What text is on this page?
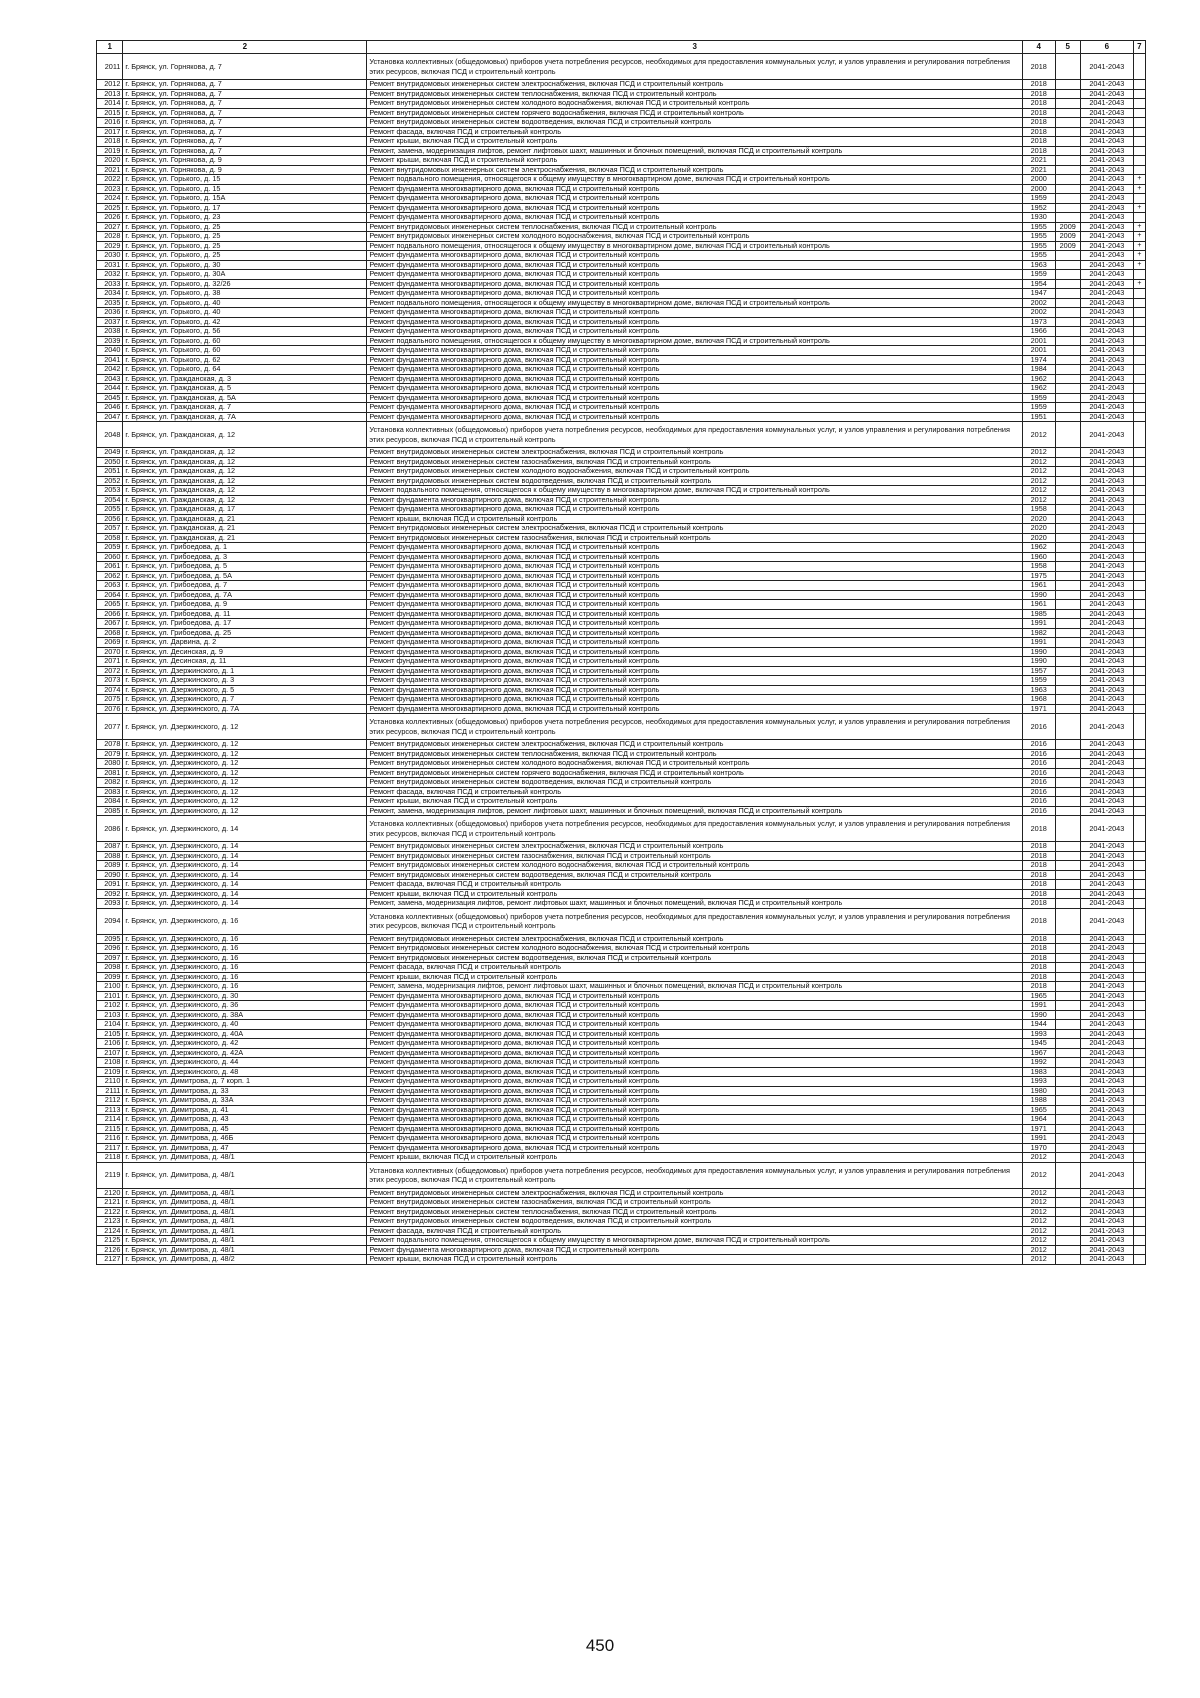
1	2	3	4	5	6	7
2011	г. Брянск, ул. Горнякова, д. 7	Установка коллективных (общедомовых) приборов учета потребления ресурсов, необходимых для предоставления коммунальных услуг, и узлов управления и регулирования потребления этих ресурсов, включая ПСД и строительный контроль	2018		2041-2043	
2012	г. Брянск, ул. Горнякова, д. 7	Ремонт внутридомовых инженерных систем электроснабжения, включая ПСД и строительный контроль	2018		2041-2043	
2013	г. Брянск, ул. Горнякова, д. 7	Ремонт внутридомовых инженерных систем теплоснабжения, включая ПСД и строительный контроль	2018		2041-2043	
2014	г. Брянск, ул. Горнякова, д. 7	Ремонт внутридомовых инженерных систем холодного водоснабжения, включая ПСД и строительный контроль	2018		2041-2043	
2015	г. Брянск, ул. Горнякова, д. 7	Ремонт внутридомовых инженерных систем горячего водоснабжения, включая ПСД и строительный контроль	2018		2041-2043	
2016	г. Брянск, ул. Горнякова, д. 7	Ремонт внутридомовых инженерных систем водоотведения, включая ПСД и строительный контроль	2018		2041-2043	
2017	г. Брянск, ул. Горнякова, д. 7	Ремонт фасада, включая ПСД и строительный контроль	2018		2041-2043	
2018	г. Брянск, ул. Горнякова, д. 7	Ремонт крыши, включая ПСД и строительный контроль	2018		2041-2043	
2019	г. Брянск, ул. Горнякова, д. 7	Ремонт, замена, модернизация лифтов, ремонт лифтовых шахт, машинных и блочных помещений, включая ПСД и строительный контроль	2018		2041-2043	
2020	г. Брянск, ул. Горнякова, д. 9	Ремонт крыши, включая ПСД и строительный контроль	2021		2041-2043	
2021	г. Брянск, ул. Горнякова, д. 9	Ремонт внутридомовых инженерных систем электроснабжения, включая ПСД и строительный контроль	2021		2041-2043	
2022	г. Брянск, ул. Горького, д. 15	Ремонт подвального помещения, относящегося к общему имуществу в многоквартирном доме, включая ПСД и строительный контроль	2000		2041-2043	+
2023	г. Брянск, ул. Горького, д. 15	Ремонт фундамента многоквартирного дома, включая ПСД и строительный контроль	2000		2041-2043	+
2024	г. Брянск, ул. Горького, д. 15А	Ремонт фундамента многоквартирного дома, включая ПСД и строительный контроль	1959		2041-2043	
2025	г. Брянск, ул. Горького, д. 17	Ремонт фундамента многоквартирного дома, включая ПСД и строительный контроль	1952		2041-2043	+
2026	г. Брянск, ул. Горького, д. 23	Ремонт фундамента многоквартирного дома, включая ПСД и строительный контроль	1930		2041-2043	
2027	г. Брянск, ул. Горького, д. 25	Ремонт внутридомовых инженерных систем теплоснабжения, включая ПСД и строительный контроль	1955	2009	2041-2043	+
2028	г. Брянск, ул. Горького, д. 25	Ремонт внутридомовых инженерных систем холодного водоснабжения, включая ПСД и строительный контроль	1955	2009	2041-2043	+
2029	г. Брянск, ул. Горького, д. 25	Ремонт подвального помещения, относящегося к общему имуществу в многоквартирном доме, включая ПСД и строительный контроль	1955	2009	2041-2043	+
2030	г. Брянск, ул. Горького, д. 25	Ремонт фундамента многоквартирного дома, включая ПСД и строительный контроль	1955		2041-2043	+
2031	г. Брянск, ул. Горького, д. 30	Ремонт фундамента многоквартирного дома, включая ПСД и строительный контроль	1963		2041-2043	+
2032	г. Брянск, ул. Горького, д. 30А	Ремонт фундамента многоквартирного дома, включая ПСД и строительный контроль	1959		2041-2043	
2033	г. Брянск, ул. Горького, д. 32/26	Ремонт фундамента многоквартирного дома, включая ПСД и строительный контроль	1954		2041-2043	+
2034	г. Брянск, ул. Горького, д. 38	Ремонт фундамента многоквартирного дома, включая ПСД и строительный контроль	1947		2041-2043	
2035	г. Брянск, ул. Горького, д. 40	Ремонт подвального помещения, относящегося к общему имуществу в многоквартирном доме, включая ПСД и строительный контроль	2002		2041-2043	
2036	г. Брянск, ул. Горького, д. 40	Ремонт фундамента многоквартирного дома, включая ПСД и строительный контроль	2002		2041-2043	
2037	г. Брянск, ул. Горького, д. 42	Ремонт фундамента многоквартирного дома, включая ПСД и строительный контроль	1973		2041-2043	
2038	г. Брянск, ул. Горького, д. 56	Ремонт фундамента многоквартирного дома, включая ПСД и строительный контроль	1966		2041-2043	
2039	г. Брянск, ул. Горького, д. 60	Ремонт подвального помещения, относящегося к общему имуществу в многоквартирном доме, включая ПСД и строительный контроль	2001		2041-2043	
2040	г. Брянск, ул. Горького, д. 60	Ремонт фундамента многоквартирного дома, включая ПСД и строительный контроль	2001		2041-2043	
2041	г. Брянск, ул. Горького, д. 62	Ремонт фундамента многоквартирного дома, включая ПСД и строительный контроль	1974		2041-2043	
2042	г. Брянск, ул. Горького, д. 64	Ремонт фундамента многоквартирного дома, включая ПСД и строительный контроль	1984		2041-2043	
2043	г. Брянск, ул. Гражданская, д. 3	Ремонт фундамента многоквартирного дома, включая ПСД и строительный контроль	1962		2041-2043	
2044	г. Брянск, ул. Гражданская, д. 5	Ремонт фундамента многоквартирного дома, включая ПСД и строительный контроль	1962		2041-2043	
2045	г. Брянск, ул. Гражданская, д. 5А	Ремонт фундамента многоквартирного дома, включая ПСД и строительный контроль	1959		2041-2043	
2046	г. Брянск, ул. Гражданская, д. 7	Ремонт фундамента многоквартирного дома, включая ПСД и строительный контроль	1959		2041-2043	
2047	г. Брянск, ул. Гражданская, д. 7А	Ремонт фундамента многоквартирного дома, включая ПСД и строительный контроль	1951		2041-2043	
2048	г. Брянск, ул. Гражданская, д. 12	Установка коллективных (общедомовых) приборов учета потребления ресурсов, необходимых для предоставления коммунальных услуг, и узлов управления и регулирования потребления этих ресурсов, включая ПСД и строительный контроль	2012		2041-2043	
2049	г. Брянск, ул. Гражданская, д. 12	Ремонт внутридомовых инженерных систем электроснабжения, включая ПСД и строительный контроль	2012		2041-2043	
2050	г. Брянск, ул. Гражданская, д. 12	Ремонт внутридомовых инженерных систем газоснабжения, включая ПСД и строительный контроль	2012		2041-2043	
2051	г. Брянск, ул. Гражданская, д. 12	Ремонт внутридомовых инженерных систем холодного водоснабжения, включая ПСД и строительный контроль	2012		2041-2043	
2052	г. Брянск, ул. Гражданская, д. 12	Ремонт внутридомовых инженерных систем водоотведения, включая ПСД и строительный контроль	2012		2041-2043	
2053	г. Брянск, ул. Гражданская, д. 12	Ремонт подвального помещения, относящегося к общему имуществу в многоквартирном доме, включая ПСД и строительный контроль	2012		2041-2043	
2054	г. Брянск, ул. Гражданская, д. 12	Ремонт фундамента многоквартирного дома, включая ПСД и строительный контроль	2012		2041-2043	
2055	г. Брянск, ул. Гражданская, д. 17	Ремонт фундамента многоквартирного дома, включая ПСД и строительный контроль	1958		2041-2043	
2056	г. Брянск, ул. Гражданская, д. 21	Ремонт крыши, включая ПСД и строительный контроль	2020		2041-2043	
2057	г. Брянск, ул. Гражданская, д. 21	Ремонт внутридомовых инженерных систем электроснабжения, включая ПСД и строительный контроль	2020		2041-2043	
2058	г. Брянск, ул. Гражданская, д. 21	Ремонт внутридомовых инженерных систем газоснабжения, включая ПСД и строительный контроль	2020		2041-2043	
2059	г. Брянск, ул. Грибоедова, д. 1	Ремонт фундамента многоквартирного дома, включая ПСД и строительный контроль	1962		2041-2043	
2060	г. Брянск, ул. Грибоедова, д. 3	Ремонт фундамента многоквартирного дома, включая ПСД и строительный контроль	1960		2041-2043	
2061	г. Брянск, ул. Грибоедова, д. 5	Ремонт фундамента многоквартирного дома, включая ПСД и строительный контроль	1958		2041-2043	
2062	г. Брянск, ул. Грибоедова, д. 5А	Ремонт фундамента многоквартирного дома, включая ПСД и строительный контроль	1975		2041-2043	
2063	г. Брянск, ул. Грибоедова, д. 7	Ремонт фундамента многоквартирного дома, включая ПСД и строительный контроль	1961		2041-2043	
2064	г. Брянск, ул. Грибоедова, д. 7А	Ремонт фундамента многоквартирного дома, включая ПСД и строительный контроль	1990		2041-2043	
2065	г. Брянск, ул. Грибоедова, д. 9	Ремонт фундамента многоквартирного дома, включая ПСД и строительный контроль	1961		2041-2043	
2066	г. Брянск, ул. Грибоедова, д. 11	Ремонт фундамента многоквартирного дома, включая ПСД и строительный контроль	1985		2041-2043	
2067	г. Брянск, ул. Грибоедова, д. 17	Ремонт фундамента многоквартирного дома, включая ПСД и строительный контроль	1991		2041-2043	
2068	г. Брянск, ул. Грибоедова, д. 25	Ремонт фундамента многоквартирного дома, включая ПСД и строительный контроль	1982		2041-2043	
2069	г. Брянск, ул. Дарвина, д. 2	Ремонт фундамента многоквартирного дома, включая ПСД и строительный контроль	1991		2041-2043	
2070	г. Брянск, ул. Десинская, д. 9	Ремонт фундамента многоквартирного дома, включая ПСД и строительный контроль	1990		2041-2043	
2071	г. Брянск, ул. Десинская, д. 11	Ремонт фундамента многоквартирного дома, включая ПСД и строительный контроль	1990		2041-2043	
2072	г. Брянск, ул. Дзержинского, д. 1	Ремонт фундамента многоквартирного дома, включая ПСД и строительный контроль	1957		2041-2043	
2073	г. Брянск, ул. Дзержинского, д. 3	Ремонт фундамента многоквартирного дома, включая ПСД и строительный контроль	1959		2041-2043	
2074	г. Брянск, ул. Дзержинского, д. 5	Ремонт фундамента многоквартирного дома, включая ПСД и строительный контроль	1963		2041-2043	
2075	г. Брянск, ул. Дзержинского, д. 7	Ремонт фундамента многоквартирного дома, включая ПСД и строительный контроль	1968		2041-2043	
2076	г. Брянск, ул. Дзержинского, д. 7А	Ремонт фундамента многоквартирного дома, включая ПСД и строительный контроль	1971		2041-2043	
2077	г. Брянск, ул. Дзержинского, д. 12	Установка коллективных (общедомовых) приборов учета потребления ресурсов, необходимых для предоставления коммунальных услуг, и узлов управления и регулирования потребления этих ресурсов, включая ПСД и строительный контроль	2016		2041-2043	
2078	г. Брянск, ул. Дзержинского, д. 12	Ремонт внутридомовых инженерных систем электроснабжения, включая ПСД и строительный контроль	2016		2041-2043	
2079	г. Брянск, ул. Дзержинского, д. 12	Ремонт внутридомовых инженерных систем теплоснабжения, включая ПСД и строительный контроль	2016		2041-2043	
2080	г. Брянск, ул. Дзержинского, д. 12	Ремонт внутридомовых инженерных систем холодного водоснабжения, включая ПСД и строительный контроль	2016		2041-2043	
2081	г. Брянск, ул. Дзержинского, д. 12	Ремонт внутридомовых инженерных систем горячего водоснабжения, включая ПСД и строительный контроль	2016		2041-2043	
2082	г. Брянск, ул. Дзержинского, д. 12	Ремонт внутридомовых инженерных систем водоотведения, включая ПСД и строительный контроль	2016		2041-2043	
2083	г. Брянск, ул. Дзержинского, д. 12	Ремонт фасада, включая ПСД и строительный контроль	2016		2041-2043	
2084	г. Брянск, ул. Дзержинского, д. 12	Ремонт крыши, включая ПСД и строительный контроль	2016		2041-2043	
2085	г. Брянск, ул. Дзержинского, д. 12	Ремонт, замена, модернизация лифтов, ремонт лифтовых шахт, машинных и блочных помещений, включая ПСД и строительный контроль	2016		2041-2043	
2086	г. Брянск, ул. Дзержинского, д. 14	Установка коллективных (общедомовых) приборов учета потребления ресурсов, необходимых для предоставления коммунальных услуг, и узлов управления и регулирования потребления этих ресурсов, включая ПСД и строительный контроль	2018		2041-2043	
2087	г. Брянск, ул. Дзержинского, д. 14	Ремонт внутридомовых инженерных систем электроснабжения, включая ПСД и строительный контроль	2018		2041-2043	
2088	г. Брянск, ул. Дзержинского, д. 14	Ремонт внутридомовых инженерных систем газоснабжения, включая ПСД и строительный контроль	2018		2041-2043	
2089	г. Брянск, ул. Дзержинского, д. 14	Ремонт внутридомовых инженерных систем холодного водоснабжения, включая ПСД и строительный контроль	2018		2041-2043	
2090	г. Брянск, ул. Дзержинского, д. 14	Ремонт внутридомовых инженерных систем водоотведения, включая ПСД и строительный контроль	2018		2041-2043	
2091	г. Брянск, ул. Дзержинского, д. 14	Ремонт фасада, включая ПСД и строительный контроль	2018		2041-2043	
2092	г. Брянск, ул. Дзержинского, д. 14	Ремонт крыши, включая ПСД и строительный контроль	2018		2041-2043	
2093	г. Брянск, ул. Дзержинского, д. 14	Ремонт, замена, модернизация лифтов, ремонт лифтовых шахт, машинных и блочных помещений, включая ПСД и строительный контроль	2018		2041-2043	
2094	г. Брянск, ул. Дзержинского, д. 16	Установка коллективных (общедомовых) приборов учета потребления ресурсов, необходимых для предоставления коммунальных услуг, и узлов управления и регулирования потребления этих ресурсов, включая ПСД и строительный контроль	2018		2041-2043	
2095	г. Брянск, ул. Дзержинского, д. 16	Ремонт внутридомовых инженерных систем электроснабжения, включая ПСД и строительный контроль	2018		2041-2043	
2096	г. Брянск, ул. Дзержинского, д. 16	Ремонт внутридомовых инженерных систем холодного водоснабжения, включая ПСД и строительный контроль	2018		2041-2043	
2097	г. Брянск, ул. Дзержинского, д. 16	Ремонт внутридомовых инженерных систем водоотведения, включая ПСД и строительный контроль	2018		2041-2043	
2098	г. Брянск, ул. Дзержинского, д. 16	Ремонт фасада, включая ПСД и строительный контроль	2018		2041-2043	
2099	г. Брянск, ул. Дзержинского, д. 16	Ремонт крыши, включая ПСД и строительный контроль	2018		2041-2043	
2100	г. Брянск, ул. Дзержинского, д. 16	Ремонт, замена, модернизация лифтов, ремонт лифтовых шахт, машинных и блочных помещений, включая ПСД и строительный контроль	2018		2041-2043	
2101	г. Брянск, ул. Дзержинского, д. 30	Ремонт фундамента многоквартирного дома, включая ПСД и строительный контроль	1965		2041-2043	
2102	г. Брянск, ул. Дзержинского, д. 36	Ремонт фундамента многоквартирного дома, включая ПСД и строительный контроль	1991		2041-2043	
2103	г. Брянск, ул. Дзержинского, д. 38А	Ремонт фундамента многоквартирного дома, включая ПСД и строительный контроль	1990		2041-2043	
2104	г. Брянск, ул. Дзержинского, д. 40	Ремонт фундамента многоквартирного дома, включая ПСД и строительный контроль	1944		2041-2043	
2105	г. Брянск, ул. Дзержинского, д. 40А	Ремонт фундамента многоквартирного дома, включая ПСД и строительный контроль	1993		2041-2043	
2106	г. Брянск, ул. Дзержинского, д. 42	Ремонт фундамента многоквартирного дома, включая ПСД и строительный контроль	1945		2041-2043	
2107	г. Брянск, ул. Дзержинского, д. 42А	Ремонт фундамента многоквартирного дома, включая ПСД и строительный контроль	1967		2041-2043	
2108	г. Брянск, ул. Дзержинского, д. 44	Ремонт фундамента многоквартирного дома, включая ПСД и строительный контроль	1992		2041-2043	
2109	г. Брянск, ул. Дзержинского, д. 48	Ремонт фундамента многоквартирного дома, включая ПСД и строительный контроль	1983		2041-2043	
2110	г. Брянск, ул. Димитрова, д. 7 корп. 1	Ремонт фундамента многоквартирного дома, включая ПСД и строительный контроль	1993		2041-2043	
2111	г. Брянск, ул. Димитрова, д. 33	Ремонт фундамента многоквартирного дома, включая ПСД и строительный контроль	1980		2041-2043	
2112	г. Брянск, ул. Димитрова, д. 33А	Ремонт фундамента многоквартирного дома, включая ПСД и строительный контроль	1988		2041-2043	
2113	г. Брянск, ул. Димитрова, д. 41	Ремонт фундамента многоквартирного дома, включая ПСД и строительный контроль	1965		2041-2043	
2114	г. Брянск, ул. Димитрова, д. 43	Ремонт фундамента многоквартирного дома, включая ПСД и строительный контроль	1964		2041-2043	
2115	г. Брянск, ул. Димитрова, д. 45	Ремонт фундамента многоквартирного дома, включая ПСД и строительный контроль	1971		2041-2043	
2116	г. Брянск, ул. Димитрова, д. 46Б	Ремонт фундамента многоквартирного дома, включая ПСД и строительный контроль	1991		2041-2043	
2117	г. Брянск, ул. Димитрова, д. 47	Ремонт фундамента многоквартирного дома, включая ПСД и строительный контроль	1970		2041-2043	
2118	г. Брянск, ул. Димитрова, д. 48/1	Ремонт крыши, включая ПСД и строительный контроль	2012		2041-2043	
2119	г. Брянск, ул. Димитрова, д. 48/1	Установка коллективных (общедомовых) приборов учета потребления ресурсов, необходимых для предоставления коммунальных услуг, и узлов управления и регулирования потребления этих ресурсов, включая ПСД и строительный контроль	2012		2041-2043	
2120	г. Брянск, ул. Димитрова, д. 48/1	Ремонт внутридомовых инженерных систем электроснабжения, включая ПСД и строительный контроль	2012		2041-2043	
2121	г. Брянск, ул. Димитрова, д. 48/1	Ремонт внутридомовых инженерных систем газоснабжения, включая ПСД и строительный контроль	2012		2041-2043	
2122	г. Брянск, ул. Димитрова, д. 48/1	Ремонт внутридомовых инженерных систем теплоснабжения, включая ПСД и строительный контроль	2012		2041-2043	
2123	г. Брянск, ул. Димитрова, д. 48/1	Ремонт внутридомовых инженерных систем водоотведения, включая ПСД и строительный контроль	2012		2041-2043	
2124	г. Брянск, ул. Димитрова, д. 48/1	Ремонт фасада, включая ПСД и строительный контроль	2012		2041-2043	
2125	г. Брянск, ул. Димитрова, д. 48/1	Ремонт подвального помещения, относящегося к общему имуществу в многоквартирном доме, включая ПСД и строительный контроль	2012		2041-2043	
2126	г. Брянск, ул. Димитрова, д. 48/1	Ремонт фундамента многоквартирного дома, включая ПСД и строительный контроль	2012		2041-2043	
2127	г. Брянск, ул. Димитрова, д. 48/2	Ремонт крыши, включая ПСД и строительный контроль	2012		2041-2043	
450
